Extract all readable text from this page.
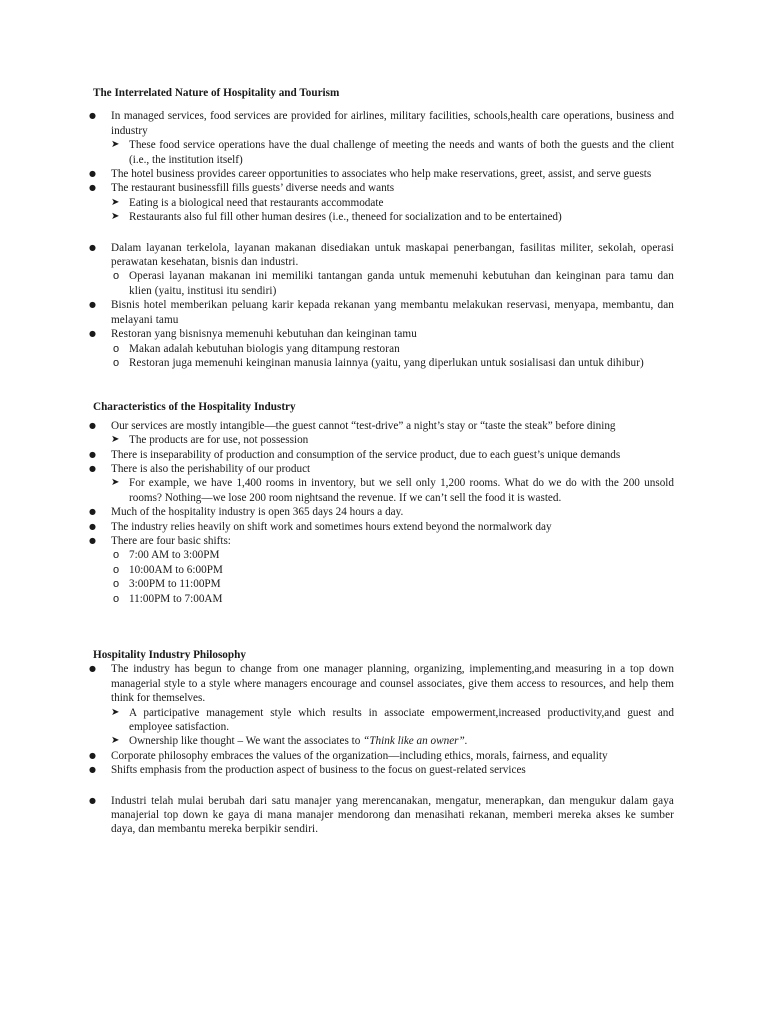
The Interrelated Nature of Hospitality and Tourism
● In managed services, food services are provided for airlines, military facilities, schools,health care operations, business and industry
➤ These food service operations have the dual challenge of meeting the needs and wants of both the guests and the client (i.e., the institution itself)
● The hotel business provides career opportunities to associates who help make reservations, greet, assist, and serve guests
● The restaurant businessfill fills guests’ diverse needs and wants
➤ Eating is a biological need that restaurants accommodate
➤ Restaurants also ful fill other human desires (i.e., theneed for socialization and to be entertained)
● Dalam layanan terkelola, layanan makanan disediakan untuk maskapai penerbangan, fasilitas militer, sekolah, operasi perawatan kesehatan, bisnis dan industri.
o Operasi layanan makanan ini memiliki tantangan ganda untuk memenuhi kebutuhan dan keinginan para tamu dan klien (yaitu, institusi itu sendiri)
● Bisnis hotel memberikan peluang karir kepada rekanan yang membantu melakukan reservasi, menyapa, membantu, dan melayani tamu
● Restoran yang bisnisnya memenuhi kebutuhan dan keinginan tamu
o Makan adalah kebutuhan biologis yang ditampung restoran
o Restoran juga memenuhi keinginan manusia lainnya (yaitu, yang diperlukan untuk sosialisasi dan untuk dihibur)
Characteristics of the Hospitality Industry
● Our services are mostly intangible—the guest cannot “test-drive” a night’s stay or “taste the steak” before dining
➤ The products are for use, not possession
● There is inseparability of production and consumption of the service product, due to each guest’s unique demands
● There is also the perishability of our product
➤ For example, we have 1,400 rooms in inventory, but we sell only 1,200 rooms. What do we do with the 200 unsold rooms? Nothing—we lose 200 room nightsand the revenue. If we can’t sell the food it is wasted.
● Much of the hospitality industry is open 365 days 24 hours a day.
● The industry relies heavily on shift work and sometimes hours extend beyond the normalwork day
● There are four basic shifts:
o 7:00 AM to 3:00PM
o 10:00AM to 6:00PM
o 3:00PM to 11:00PM
o 11:00PM to 7:00AM
Hospitality Industry Philosophy
● The industry has begun to change from one manager planning, organizing, implementing,and measuring in a top down managerial style to a style where managers encourage and counsel associates, give them access to resources, and help them think for themselves.
➤ A participative management style which results in associate empowerment,increased productivity,and guest and employee satisfaction.
➤ Ownership like thought – We want the associates to “Think like an owner”.
● Corporate philosophy embraces the values of the organization—including ethics, morals, fairness, and equality
● Shifts emphasis from the production aspect of business to the focus on guest-related services
● Industri telah mulai berubah dari satu manajer yang merencanakan, mengatur, menerapkan, dan mengukur dalam gaya manajerial top down ke gaya di mana manajer mendorong dan menasihati rekanan, memberi mereka akses ke sumber daya, dan membantu mereka berpikir sendiri.
